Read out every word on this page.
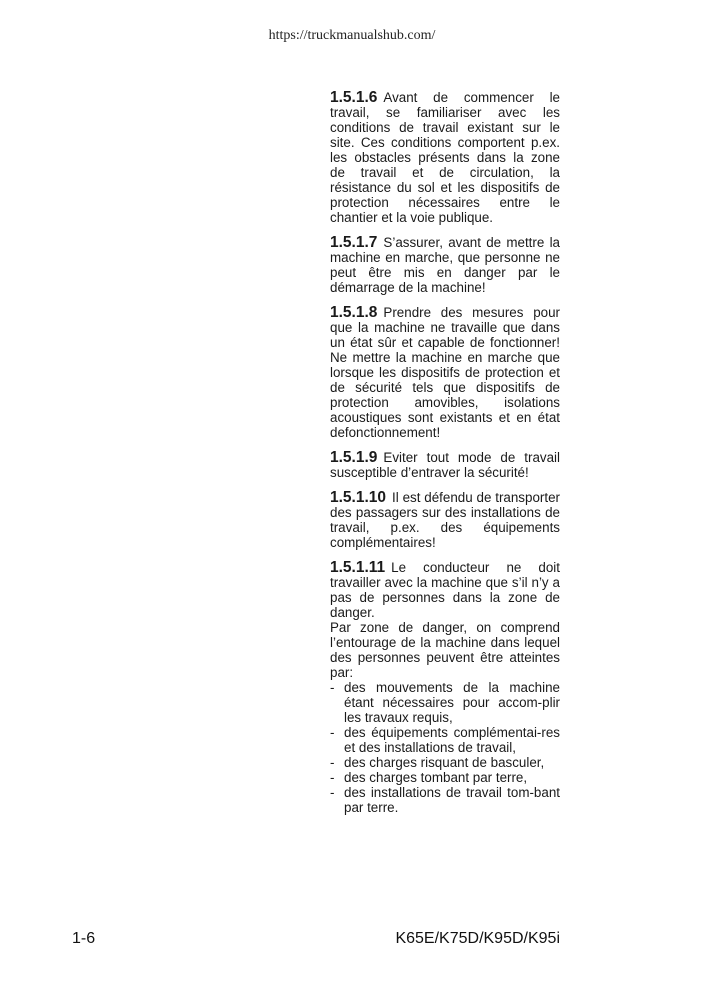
https://truckmanualshub.com/

1.5.1.6 Avant de commencer le travail, se familiariser avec les conditions de travail existant sur le site. Ces conditions comportent p.ex. les obstacles présents dans la zone de travail et de circulation, la résistance du sol et les dispositifs de protection nécessaires entre le chantier et la voie publique.

1.5.1.7 S’assurer, avant de mettre la machine en marche, que personne ne peut être mis en danger par le démarrage de la machine!

1.5.1.8 Prendre des mesures pour que la machine ne travaille que dans un état sûr et capable de fonctionner! Ne mettre la machine en marche que lorsque les dispositifs de protection et de sécurité tels que dispositifs de protection amovibles, isolations acoustiques sont existants et en état defonctionnement!

1.5.1.9 Eviter tout mode de travail susceptible d’entraver la sécurité!

1.5.1.10 Il est défendu de transporter des passagers sur des installations de travail, p.ex. des équipements complémentaires!

1.5.1.11 Le conducteur ne doit travailler avec la machine que s’il n’y a pas de personnes dans la zone de danger.

Par zone de danger, on comprend l’entourage de la machine dans lequel des personnes peuvent être atteintes par:

- des mouvements de la machine étant nécessaires pour accom-plir les travaux requis,
- des équipements complémentai-res et des installations de travail,
- des charges risquant de basculer,
- des charges tombant par terre,
- des installations de travail tom-bant par terre.
1-6	K65E/K75D/K95D/K95i
